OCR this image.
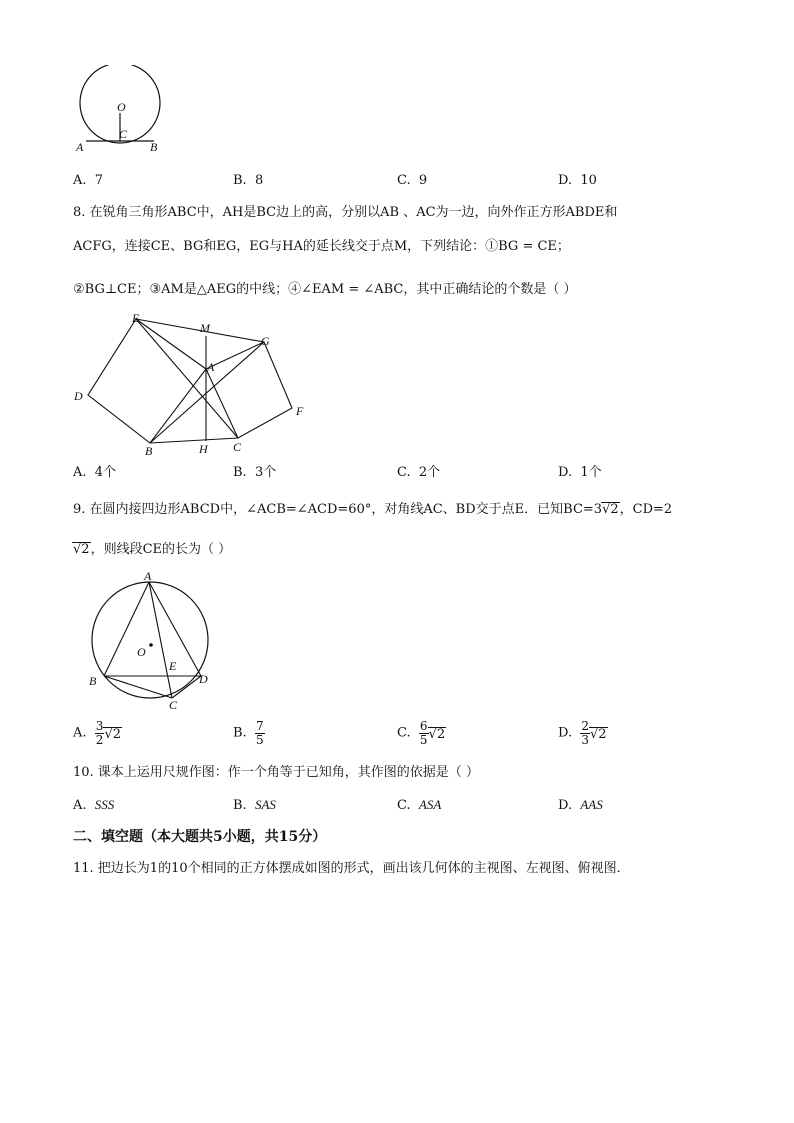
O
C
A	B
A. 7	B. 8	C. 9	D. 10
8. 在锐角三角形ABC中，AH是BC边上的高，分别以AB 、AC为一边，向外作正方形ABDE和
ACFG，连接CE、BG和EG，EG与HA的延长线交于点M，下列结论：①BG = CE；
②BG⊥CE；③AM是△AEG的中线；④∠EAM = ∠ABC，其中正确结论的个数是（ ）
E
M
G
A
D
F
B	H C
A. 4个	B. 3个	C. 2个	D. 1个
9. 在圆内接四边形ABCD中，∠ACB=∠ACD=60°，对角线AC、BD交于点E．已知BC=3√2，CD=2
√2，则线段CE的长为（ ）
A
O
E
B	D
C
A. $\frac{3}{2} √2$	B. $\frac{7}{5}$	C. $\frac{6}{5} √2$	D. $\frac{2}{3} √2$
10. 课本上运用尺规作图：作一个角等于已知角，其作图的依据是（ ）
A. SSS	B. SAS	C. ASA	D. AAS
二、填空题（本大题共5小题，共15分）
11. 把边长为1的10个相同的正方体摆成如图的形式，画出该几何体的主视图、左视图、俯视图．
